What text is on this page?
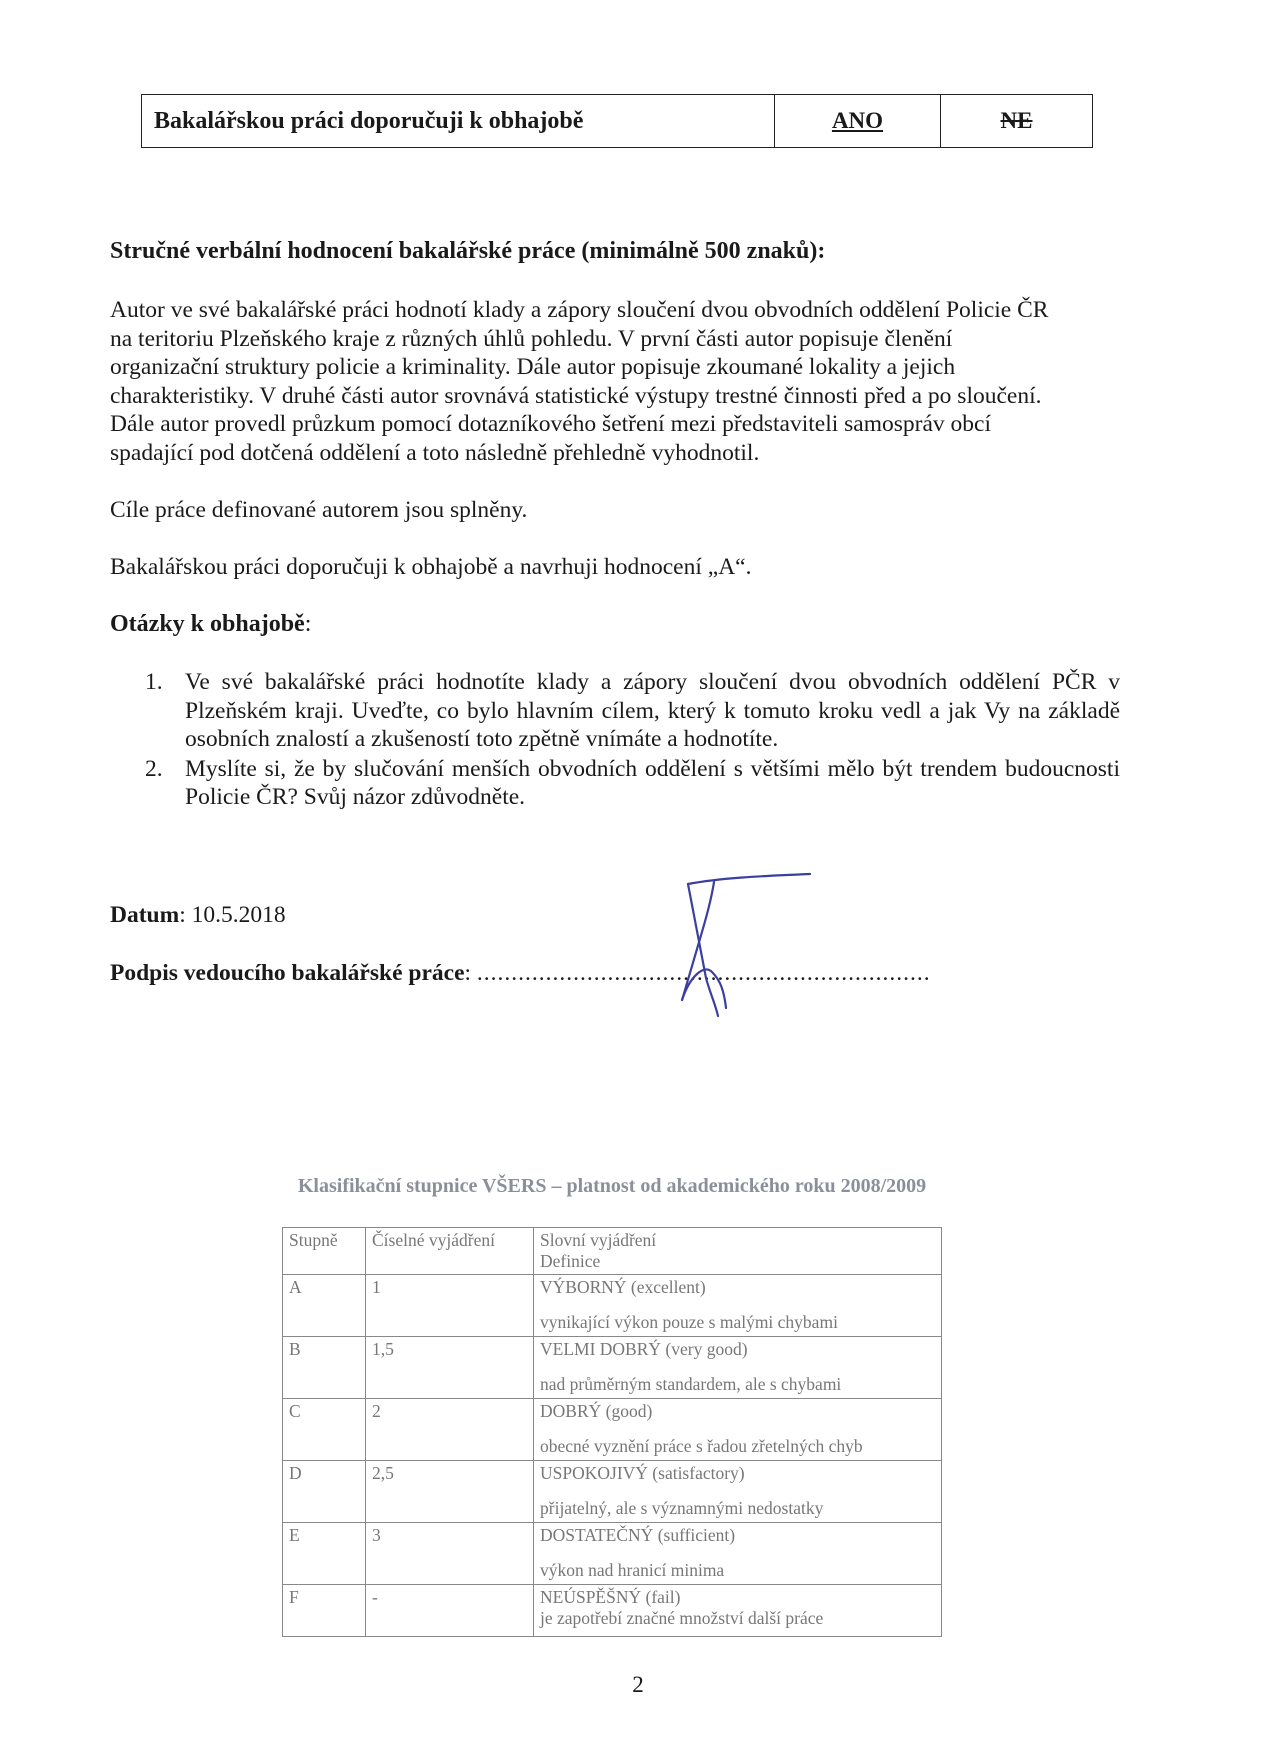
Bakalářskou práci doporučuji k obhajobě	ANO	NE
Stručné verbální hodnocení bakalářské práce (minimálně 500 znaků):
Autor ve své bakalářské práci hodnotí klady a zápory sloučení dvou obvodních oddělení Policie ČR
na teritoriu Plzeňského kraje z různých úhlů pohledu. V první části autor popisuje členění
organizační struktury policie a kriminality. Dále autor popisuje zkoumané lokality a jejich
charakteristiky. V druhé části autor srovnává statistické výstupy trestné činnosti před a po sloučení.
Dále autor provedl průzkum pomocí dotazníkového šetření mezi představiteli samospráv obcí
spadající pod dotčená oddělení a toto následně přehledně vyhodnotil.
Cíle práce definované autorem jsou splněny.
Bakalářskou práci doporučuji k obhajobě a navrhuji hodnocení „A“.
Otázky k obhajobě:
1. Ve své bakalářské práci hodnotíte klady a zápory sloučení dvou obvodních oddělení PČR v Plzeňském kraji. Uveďte, co bylo hlavním cílem, který k tomuto kroku vedl a jak Vy na základě osobních znalostí a zkušeností toto zpětně vnímáte a hodnotíte.
2. Myslíte si, že by slučování menších obvodních oddělení s většími mělo být trendem budoucnosti Policie ČR? Svůj názor zdůvodněte.
Datum: 10.5.2018
Podpis vedoucího bakalářské práce: ..................................................................
Klasifikační stupnice VŠERS – platnost od akademického roku 2008/2009
Stupně	Číselné vyjádření	Slovní vyjádření
Definice

A	1	VÝBORNÝ (excellent)
vynikající výkon pouze s malými chybami

B	1,5	VELMI DOBRÝ (very good)
nad průměrným standardem, ale s chybami

C	2	DOBRÝ (good)
obecné vyznění práce s řadou zřetelných chyb

D	2,5	USPOKOJIVÝ (satisfactory)
přijatelný, ale s významnými nedostatky

E	3	DOSTATEČNÝ (sufficient)
výkon nad hranicí minima

F	-	NEÚSPĚŠNÝ (fail)
je zapotřebí značné množství další práce
2
